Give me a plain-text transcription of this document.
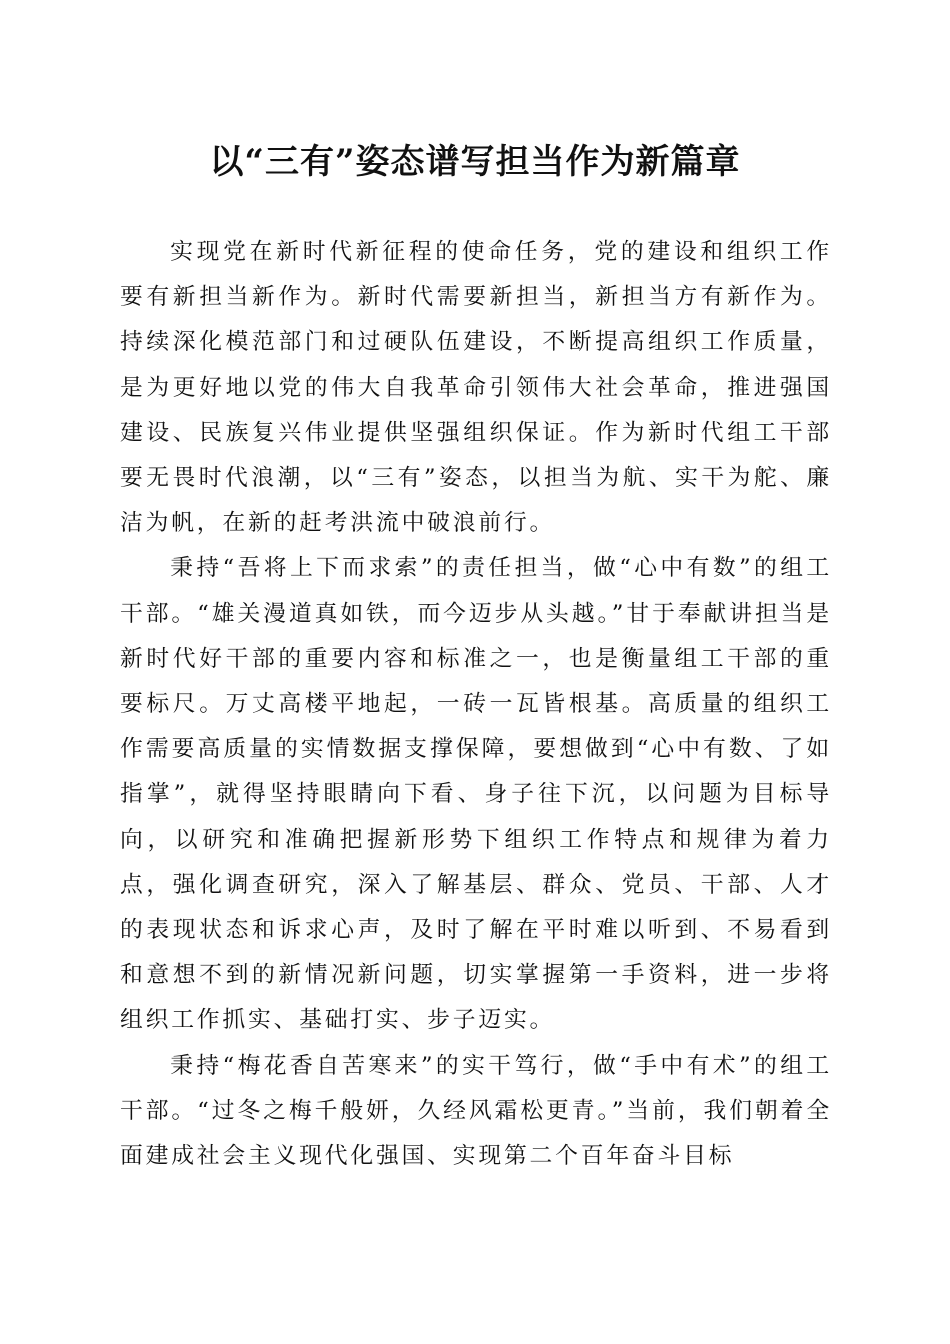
以“三有”姿态谱写担当作为新篇章

实现党在新时代新征程的使命任务，党的建设和组织工作要有新担当新作为。新时代需要新担当，新担当方有新作为。持续深化模范部门和过硬队伍建设，不断提高组织工作质量，是为更好地以党的伟大自我革命引领伟大社会革命，推进强国建设、民族复兴伟业提供坚强组织保证。作为新时代组工干部要无畏时代浪潮，以“三有”姿态，以担当为航、实干为舵、廉洁为帆，在新的赶考洪流中破浪前行。

秉持“吾将上下而求索”的责任担当，做“心中有数”的组工干部。“雄关漫道真如铁，而今迈步从头越。”甘于奉献讲担当是新时代好干部的重要内容和标准之一，也是衡量组工干部的重要标尺。万丈高楼平地起，一砖一瓦皆根基。高质量的组织工作需要高质量的实情数据支撑保障，要想做到“心中有数、了如指掌”，就得坚持眼睛向下看、身子往下沉，以问题为目标导向，以研究和准确把握新形势下组织工作特点和规律为着力点，强化调查研究，深入了解基层、群众、党员、干部、人才的表现状态和诉求心声，及时了解在平时难以听到、不易看到和意想不到的新情况新问题，切实掌握第一手资料，进一步将组织工作抓实、基础打实、步子迈实。

秉持“梅花香自苦寒来”的实干笃行，做“手中有术”的组工干部。“过冬之梅千般妍，久经风霜松更青。”当前，我们朝着全面建成社会主义现代化强国、实现第二个百年奋斗目标
